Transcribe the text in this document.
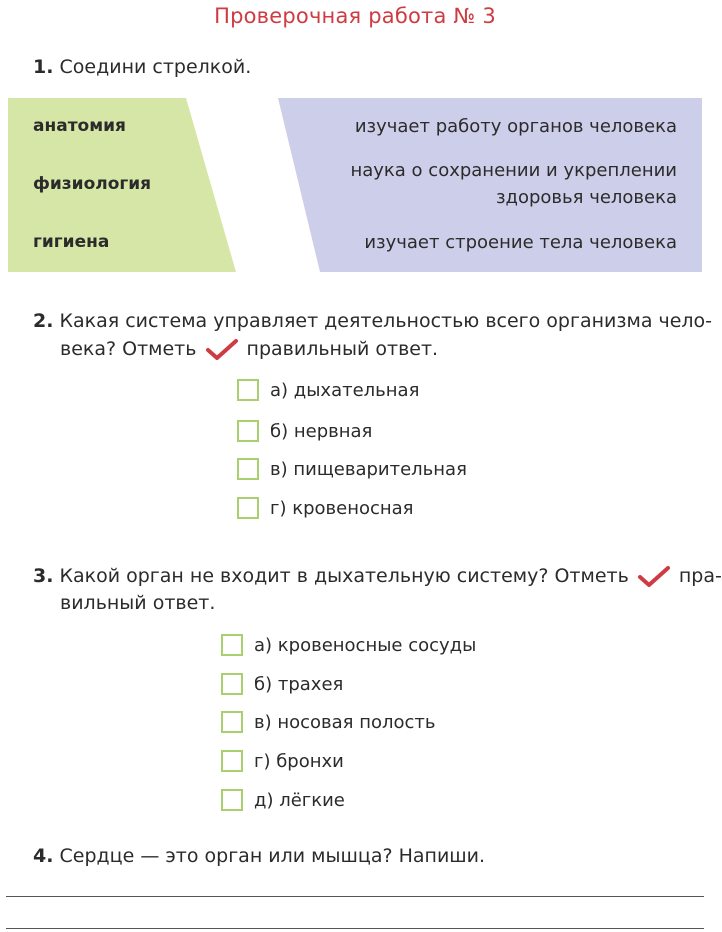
Проверочная работа № 3
1. Соедини стрелкой.
анатомия
физиология
гигиена
изучает работу органов человека
наука о сохранении и укреплении
здоровья человека
изучает строение тела человека
2. Какая система управляет деятельностью всего организма чело-
века? Отметь	правильный ответ.
а) дыхательная
б) нервная
в) пищеварительная
г) кровеносная
3. Какой орган не входит в дыхательную систему? Отметь	пра-
вильный ответ.
а) кровеносные сосуды
б) трахея
в) носовая полость
г) бронхи
д) лёгкие
4. Сердце — это орган или мышца? Напиши.
